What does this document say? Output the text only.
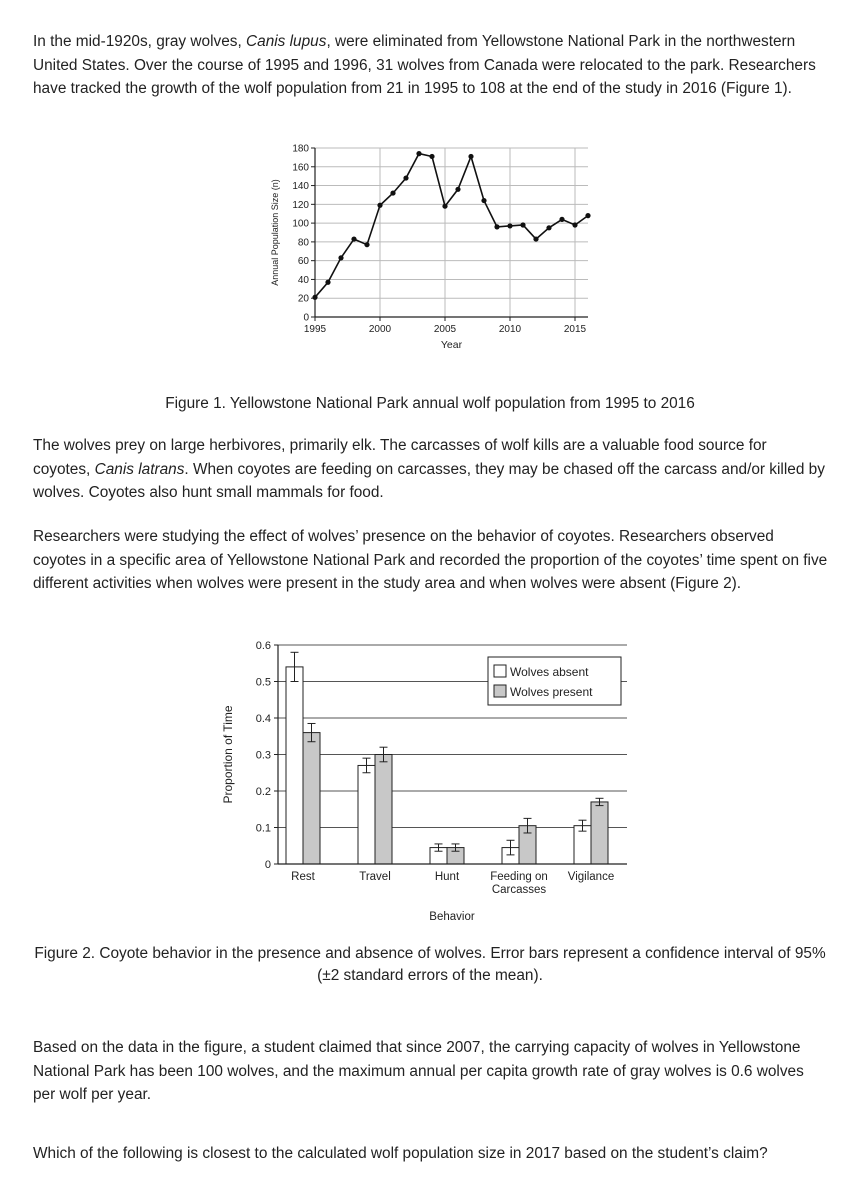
In the mid-1920s, gray wolves, Canis lupus, were eliminated from Yellowstone National Park in the northwestern United States. Over the course of 1995 and 1996, 31 wolves from Canada were relocated to the park. Researchers have tracked the growth of the wolf population from 21 in 1995 to 108 at the end of the study in 2016 (Figure 1).

0
20
40
60
80
100
120
140
160
180
1995	2000	2005	2010	2015
Year
Annual Population Size (n)

Figure 1. Yellowstone National Park annual wolf population from 1995 to 2016

The wolves prey on large herbivores, primarily elk. The carcasses of wolf kills are a valuable food source for coyotes, Canis latrans. When coyotes are feeding on carcasses, they may be chased off the carcass and/or killed by wolves. Coyotes also hunt small mammals for food.

Researchers were studying the effect of wolves’ presence on the behavior of coyotes. Researchers observed coyotes in a specific area of Yellowstone National Park and recorded the proportion of the coyotes’ time spent on five different activities when wolves were present in the study area and when wolves were absent (Figure 2).

0
0.1
0.2
0.3
0.4
0.5
0.6
Rest	Travel	Hunt	Feeding on Carcasses
Vigilance
Behavior
Proportion of Time
Wolves absent
Wolves present

Figure 2. Coyote behavior in the presence and absence of wolves. Error bars represent a confidence interval of 95% (±2 standard errors of the mean).

Based on the data in the figure, a student claimed that since 2007, the carrying capacity of wolves in Yellowstone National Park has been 100 wolves, and the maximum annual per capita growth rate of gray wolves is 0.6 wolves per wolf per year.

Which of the following is closest to the calculated wolf population size in 2017 based on the student’s claim?
